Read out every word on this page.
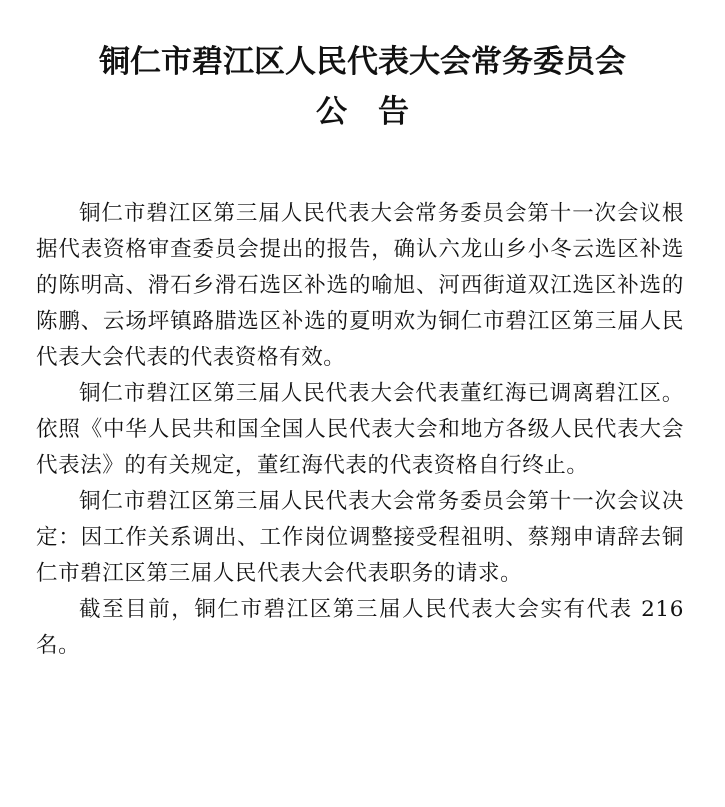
铜仁市碧江区人民代表大会常务委员会
公　告

铜仁市碧江区第三届人民代表大会常务委员会第十一次会议根据代表资格审查委员会提出的报告，确认六龙山乡小冬云选区补选的陈明高、滑石乡滑石选区补选的喻旭、河西街道双江选区补选的陈鹏、云场坪镇路腊选区补选的夏明欢为铜仁市碧江区第三届人民代表大会代表的代表资格有效。

铜仁市碧江区第三届人民代表大会代表董红海已调离碧江区。依照《中华人民共和国全国人民代表大会和地方各级人民代表大会代表法》的有关规定，董红海代表的代表资格自行终止。

铜仁市碧江区第三届人民代表大会常务委员会第十一次会议决定：因工作关系调出、工作岗位调整接受程祖明、蔡翔申请辞去铜仁市碧江区第三届人民代表大会代表职务的请求。

截至目前，铜仁市碧江区第三届人民代表大会实有代表 216 名。
